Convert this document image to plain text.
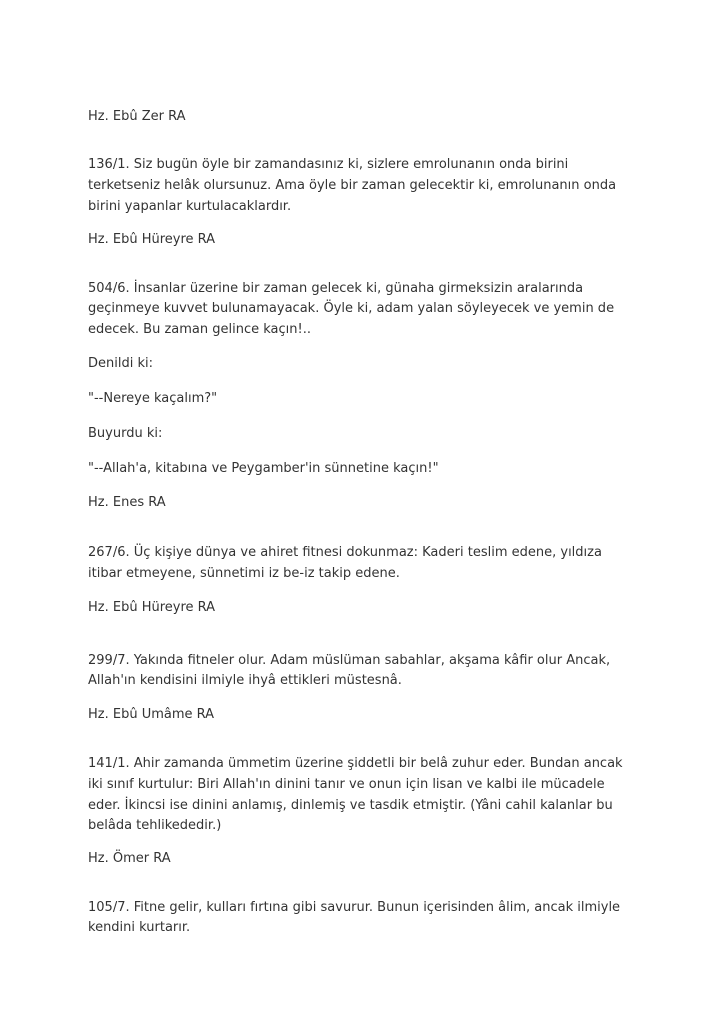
Hz. Ebû Zer RA
136/1. Siz bugün öyle bir zamandasınız ki, sizlere emrolunanın onda birini
terketseniz helâk olursunuz. Ama öyle bir zaman gelecektir ki, emrolunanın onda
birini yapanlar kurtulacaklardır.
Hz. Ebû Hüreyre RA
504/6. İnsanlar üzerine bir zaman gelecek ki, günaha girmeksizin aralarında
geçinmeye kuvvet bulunamayacak. Öyle ki, adam yalan söyleyecek ve yemin de
edecek. Bu zaman gelince kaçın!..
Denildi ki:
"--Nereye kaçalım?"
Buyurdu ki:
"--Allah'a, kitabına ve Peygamber'in sünnetine kaçın!"
Hz. Enes RA
267/6. Üç kişiye dünya ve ahiret fitnesi dokunmaz: Kaderi teslim edene, yıldıza
itibar etmeyene, sünnetimi iz be-iz takip edene.
Hz. Ebû Hüreyre RA
299/7. Yakında fitneler olur. Adam müslüman sabahlar, akşama kâfir olur Ancak,
Allah'ın kendisini ilmiyle ihyâ ettikleri müstesnâ.
Hz. Ebû Umâme RA
141/1. Ahir zamanda ümmetim üzerine şiddetli bir belâ zuhur eder. Bundan ancak
iki sınıf kurtulur: Biri Allah'ın dinini tanır ve onun için lisan ve kalbi ile mücadele
eder. İkincsi ise dinini anlamış, dinlemiş ve tasdik etmiştir. (Yâni cahil kalanlar bu
belâda tehlikededir.)
Hz. Ömer RA
105/7. Fitne gelir, kulları fırtına gibi savurur. Bunun içerisinden âlim, ancak ilmiyle
kendini kurtarır.
